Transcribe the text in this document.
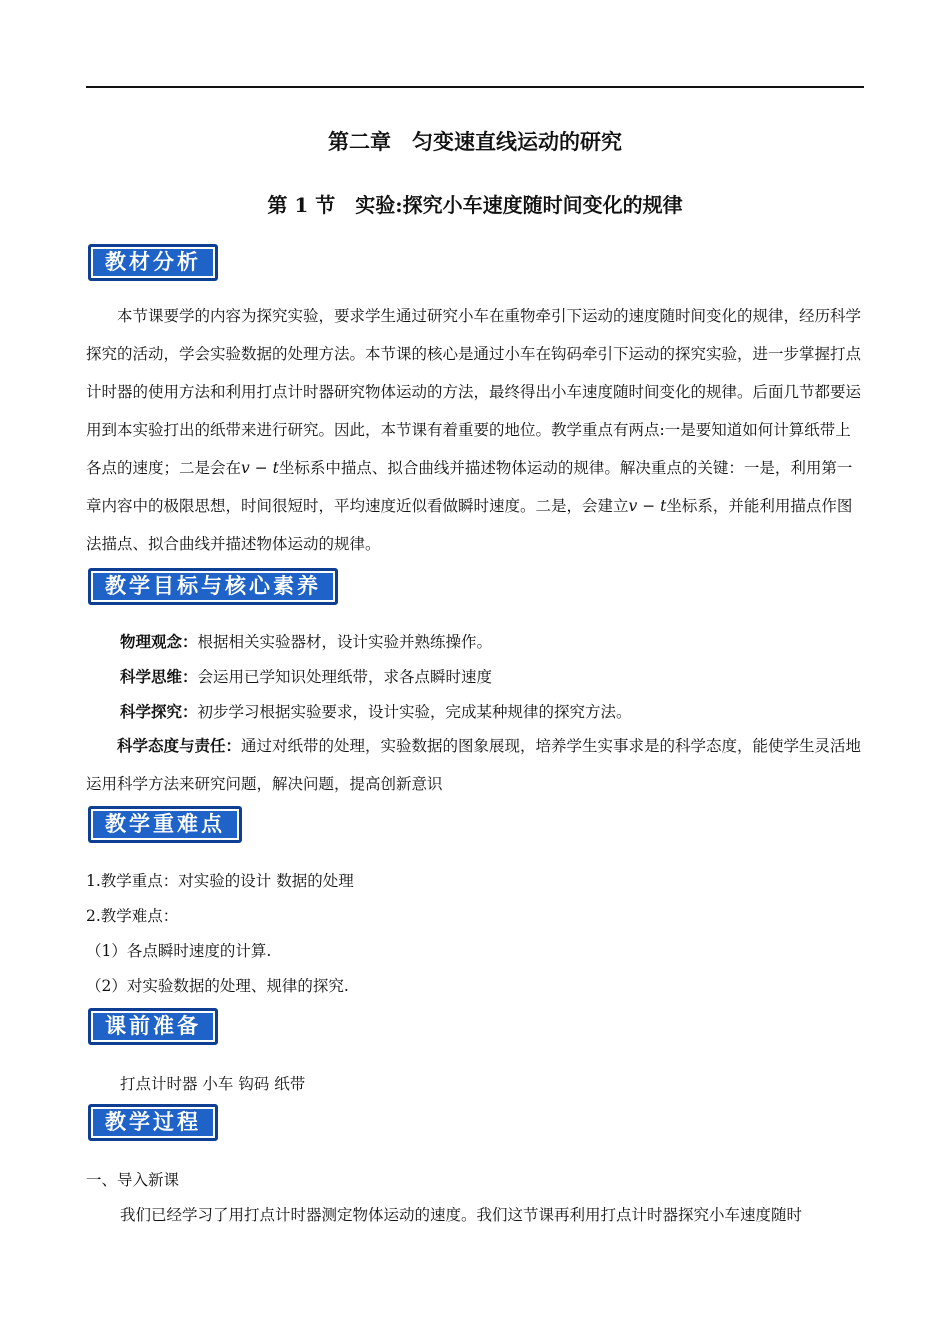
第二章　匀变速直线运动的研究
第 1 节　实验:探究小车速度随时间变化的规律
教材分析

本节课要学的内容为探究实验，要求学生通过研究小车在重物牵引下运动的速度随时间变化的规律，经历科学探究的活动，学会实验数据的处理方法。本节课的核心是通过小车在钩码牵引下运动的探究实验，进一步掌握打点计时器的使用方法和利用打点计时器研究物体运动的方法，最终得出小车速度随时间变化的规律。后面几节都要运用到本实验打出的纸带来进行研究。因此，本节课有着重要的地位。教学重点有两点:一是要知道如何计算纸带上各点的速度；二是会在v − t坐标系中描点、拟合曲线并描述物体运动的规律。解决重点的关键：一是，利用第一章内容中的极限思想，时间很短时，平均速度近似看做瞬时速度。二是，会建立v − t坐标系，并能利用描点作图法描点、拟合曲线并描述物体运动的规律。

教学目标与核心素养
物理观念：根据相关实验器材，设计实验并熟练操作。
科学思维：会运用已学知识处理纸带，求各点瞬时速度
科学探究：初步学习根据实验要求，设计实验，完成某种规律的探究方法。

科学态度与责任：通过对纸带的处理，实验数据的图象展现，培养学生实事求是的科学态度，能使学生灵活地运用科学方法来研究问题，解决问题，提高创新意识

教学重难点
1.教学重点：对实验的设计 数据的处理
2.教学难点：
（1）各点瞬时速度的计算.
（2）对实验数据的处理、规律的探究.
课前准备
打点计时器 小车 钩码 纸带
教学过程
一、导入新课
我们已经学习了用打点计时器测定物体运动的速度。我们这节课再利用打点计时器探究小车速度随时
